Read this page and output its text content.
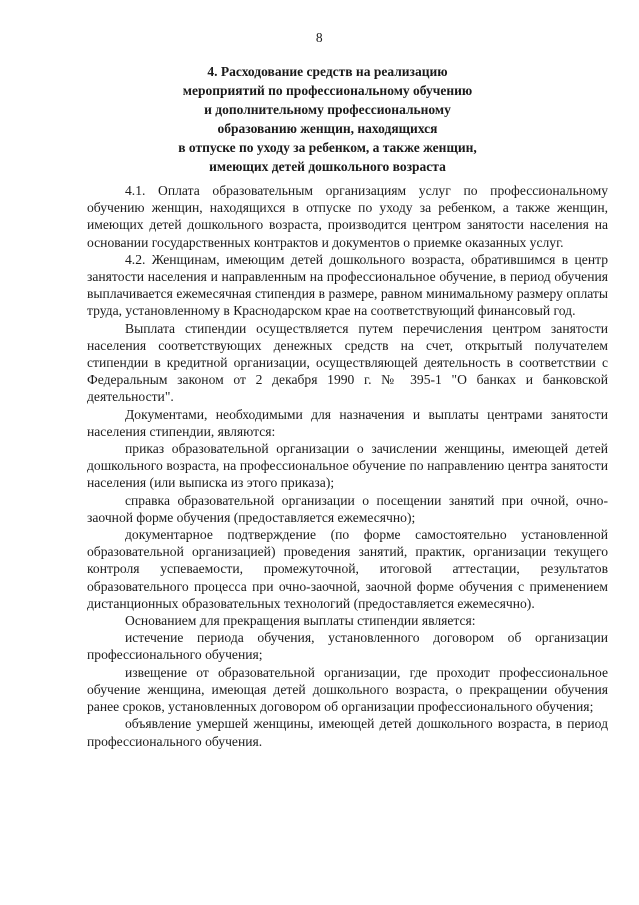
8
4. Расходование средств на реализацию
мероприятий по профессиональному обучению
и дополнительному профессиональному
образованию женщин, находящихся
в отпуске по уходу за ребенком, а также женщин,
имеющих детей дошкольного возраста

4.1. Оплата образовательным организациям услуг по профессиональному обучению женщин, находящихся в отпуске по уходу за ребенком, а также женщин, имеющих детей дошкольного возраста, производится центром занятости населения на основании государственных контрактов и документов о приемке оказанных услуг.

4.2. Женщинам, имеющим детей дошкольного возраста, обратившимся в центр занятости населения и направленным на профессиональное обучение, в период обучения выплачивается ежемесячная стипендия в размере, равном минимальному размеру оплаты труда, установленному в Краснодарском крае на соответствующий финансовый год.

Выплата стипендии осуществляется путем перечисления центром занятости населения соответствующих денежных средств на счет, открытый получателем стипендии в кредитной организации, осуществляющей деятельность в соответствии с Федеральным законом от 2 декабря 1990 г. № 395-1 "О банках и банковской деятельности".

Документами, необходимыми для назначения и выплаты центрами занятости населения стипендии, являются:

приказ образовательной организации о зачислении женщины, имеющей детей дошкольного возраста, на профессиональное обучение по направлению центра занятости населения (или выписка из этого приказа);

справка образовательной организации о посещении занятий при очной, очно-заочной форме обучения (предоставляется ежемесячно);

документарное подтверждение (по форме самостоятельно установленной образовательной организацией) проведения занятий, практик, организации текущего контроля успеваемости, промежуточной, итоговой аттестации, результатов образовательного процесса при очно-заочной, заочной форме обучения с применением дистанционных образовательных технологий (предоставляется ежемесячно).

Основанием для прекращения выплаты стипендии является:

истечение периода обучения, установленного договором об организации профессионального обучения;

извещение от образовательной организации, где проходит профессиональное обучение женщина, имеющая детей дошкольного возраста, о прекращении обучения ранее сроков, установленных договором об организации профессионального обучения;

объявление умершей женщины, имеющей детей дошкольного возраста, в период профессионального обучения.
